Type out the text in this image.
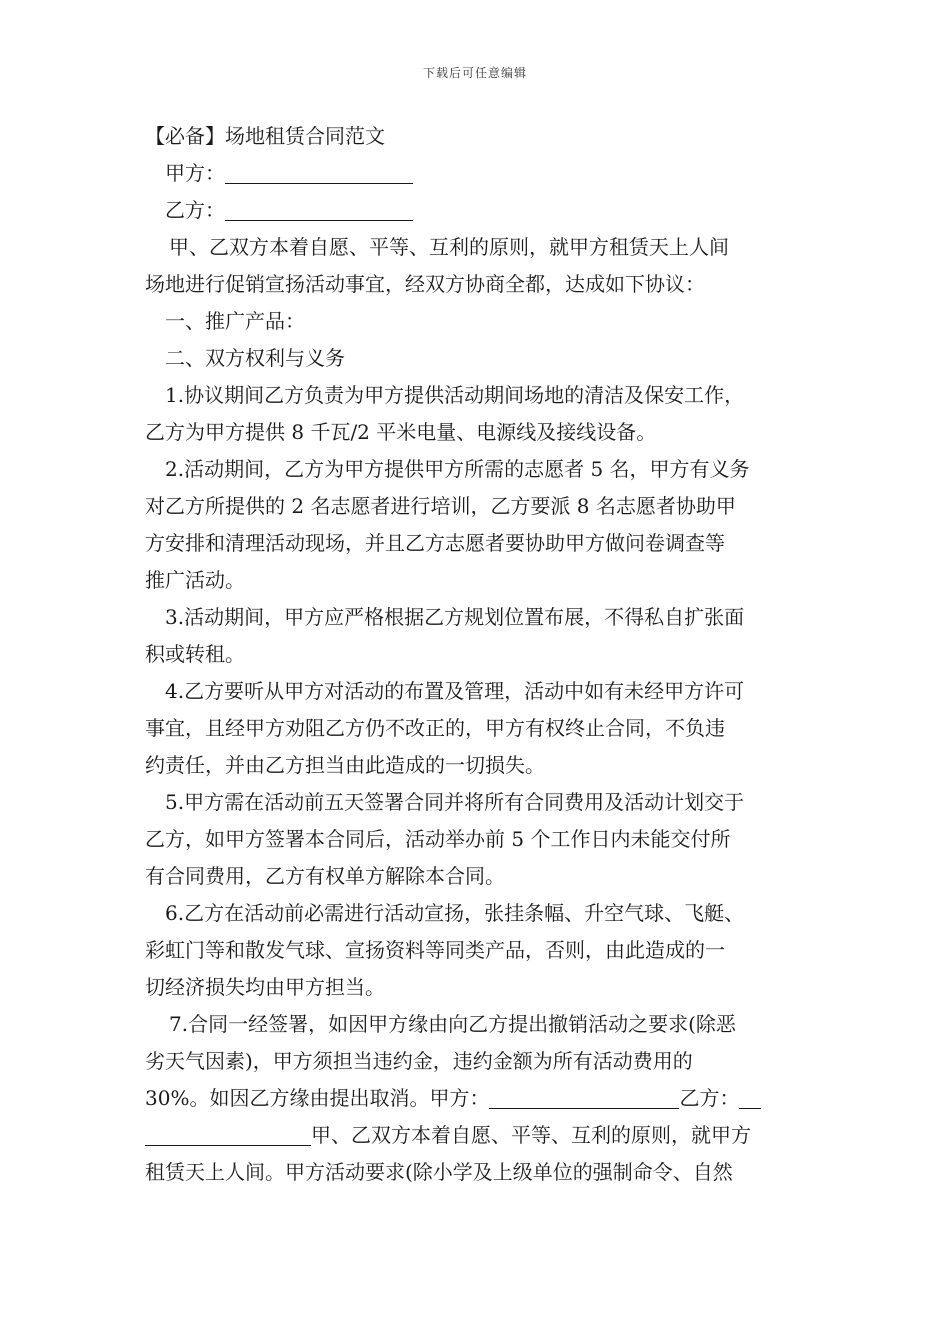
下载后可任意编辑
【必备】场地租赁合同范文
甲方：
乙方：
甲、乙双方本着自愿、平等、互利的原则，就甲方租赁天上人间
场地进行促销宣扬活动事宜，经双方协商全都，达成如下协议：
一、推广产品：
二、双方权利与义务
1.协议期间乙方负责为甲方提供活动期间场地的清洁及保安工作，
乙方为甲方提供 8 千瓦/2 平米电量、电源线及接线设备。
2.活动期间，乙方为甲方提供甲方所需的志愿者 5 名，甲方有义务
对乙方所提供的 2 名志愿者进行培训，乙方要派 8 名志愿者协助甲
方安排和清理活动现场，并且乙方志愿者要协助甲方做问卷调查等
推广活动。
3.活动期间，甲方应严格根据乙方规划位置布展，不得私自扩张面
积或转租。
4.乙方要听从甲方对活动的布置及管理，活动中如有未经甲方许可
事宜，且经甲方劝阻乙方仍不改正的，甲方有权终止合同，不负违
约责任，并由乙方担当由此造成的一切损失。
5.甲方需在活动前五天签署合同并将所有合同费用及活动计划交于
乙方，如甲方签署本合同后，活动举办前 5 个工作日内未能交付所
有合同费用，乙方有权单方解除本合同。
6.乙方在活动前必需进行活动宣扬，张挂条幅、升空气球、飞艇、
彩虹门等和散发气球、宣扬资料等同类产品，否则，由此造成的一
切经济损失均由甲方担当。
7.合同一经签署，如因甲方缘由向乙方提出撤销活动之要求(除恶
劣天气因素)，甲方须担当违约金，违约金额为所有活动费用的
30%。如因乙方缘由提出取消。甲方：	乙方：
甲、乙双方本着自愿、平等、互利的原则，就甲方
租赁天上人间。甲方活动要求(除小学及上级单位的强制命令、自然
